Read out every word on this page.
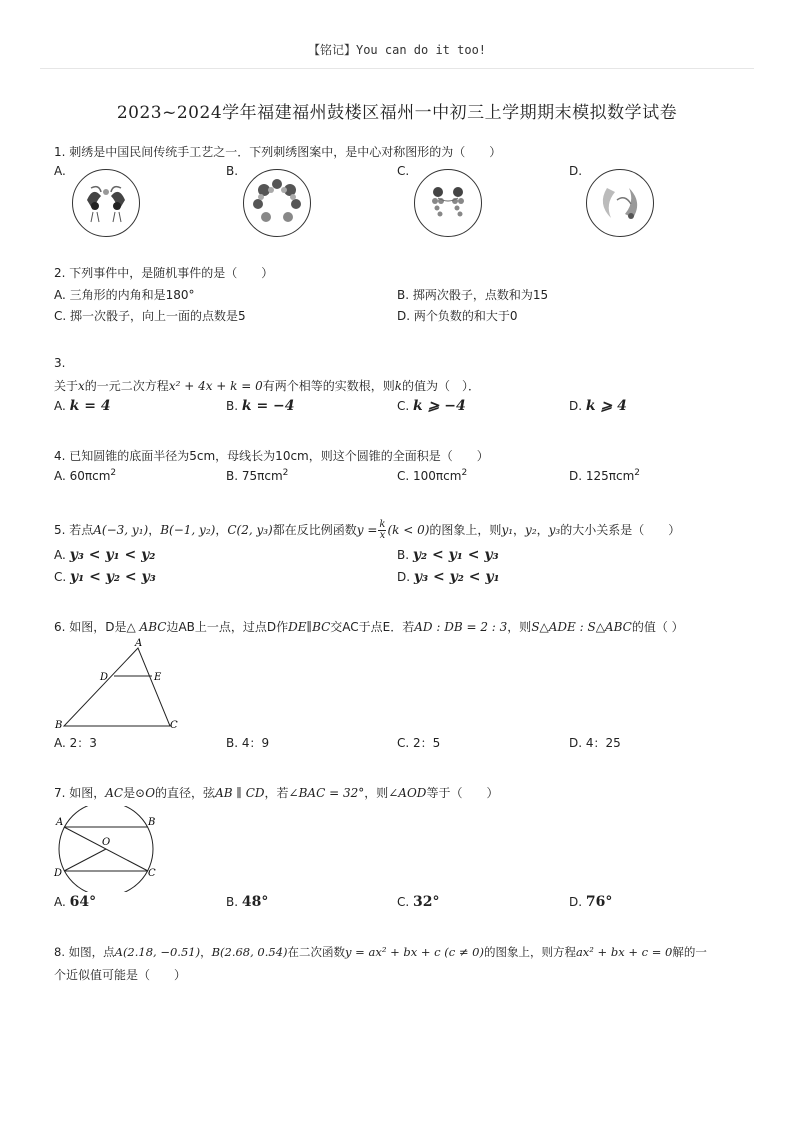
【铭记】You can do it too!
2023~2024学年福建福州鼓楼区福州一中初三上学期期末模拟数学试卷
1. 刺绣是中国民间传统手工艺之一．下列刺绣图案中，是中心对称图形的为（　　）
A.	B.	C.	D.
2. 下列事件中，是随机事件的是（　　）
A. 三角形的内角和是180°	B. 掷两次骰子，点数和为15
C. 掷一次骰子，向上一面的点数是5	D. 两个负数的和大于0
3.
关于x的一元二次方程x² + 4x + k = 0有两个相等的实数根，则k的值为（　）．
A. k = 4	B. k = −4	C. k ⩾ −4	D. k ⩾ 4
4. 已知圆锥的底面半径为5cm，母线长为10cm，则这个圆锥的全面积是（　　）
A. 60πcm$^2$	B. 75πcm$^2$	C. 100πcm$^2$	D. 125πcm$^2$
5. 若点A(−3, y₁)，B(−1, y₂)，C(2, y₃)都在反比例函数$y = \frac{k}{x} (k < 0)$的图象上，则y₁，y₂，y₃的大小关系是（　　）
A. y₃ < y₁ < y₂	B. y₂ < y₁ < y₃
C. y₁ < y₂ < y₃	D. y₃ < y₂ < y₁
6. 如图，D是△ ABC边AB上一点，过点D作DE∥BC交AC于点E．若AD : DB = 2 : 3，则S△ADE : S△ABC的值（ ）
A
B	C
D	E
A. 2：3	B. 4：9	C. 2：5	D. 4：25
7. 如图，AC是⊙O的直径，弦AB ∥ CD，若∠BAC = 32°，则∠AOD等于（　　）
A	B
C
D
O
A. 64°	B. 48°	C. 32°	D. 76°
8. 如图，点A(2.18, −0.51)，B(2.68, 0.54)在二次函数y = ax² + bx + c (c ≠ 0)的图象上，则方程ax² + bx + c = 0解的一
个近似值可能是（　　）
